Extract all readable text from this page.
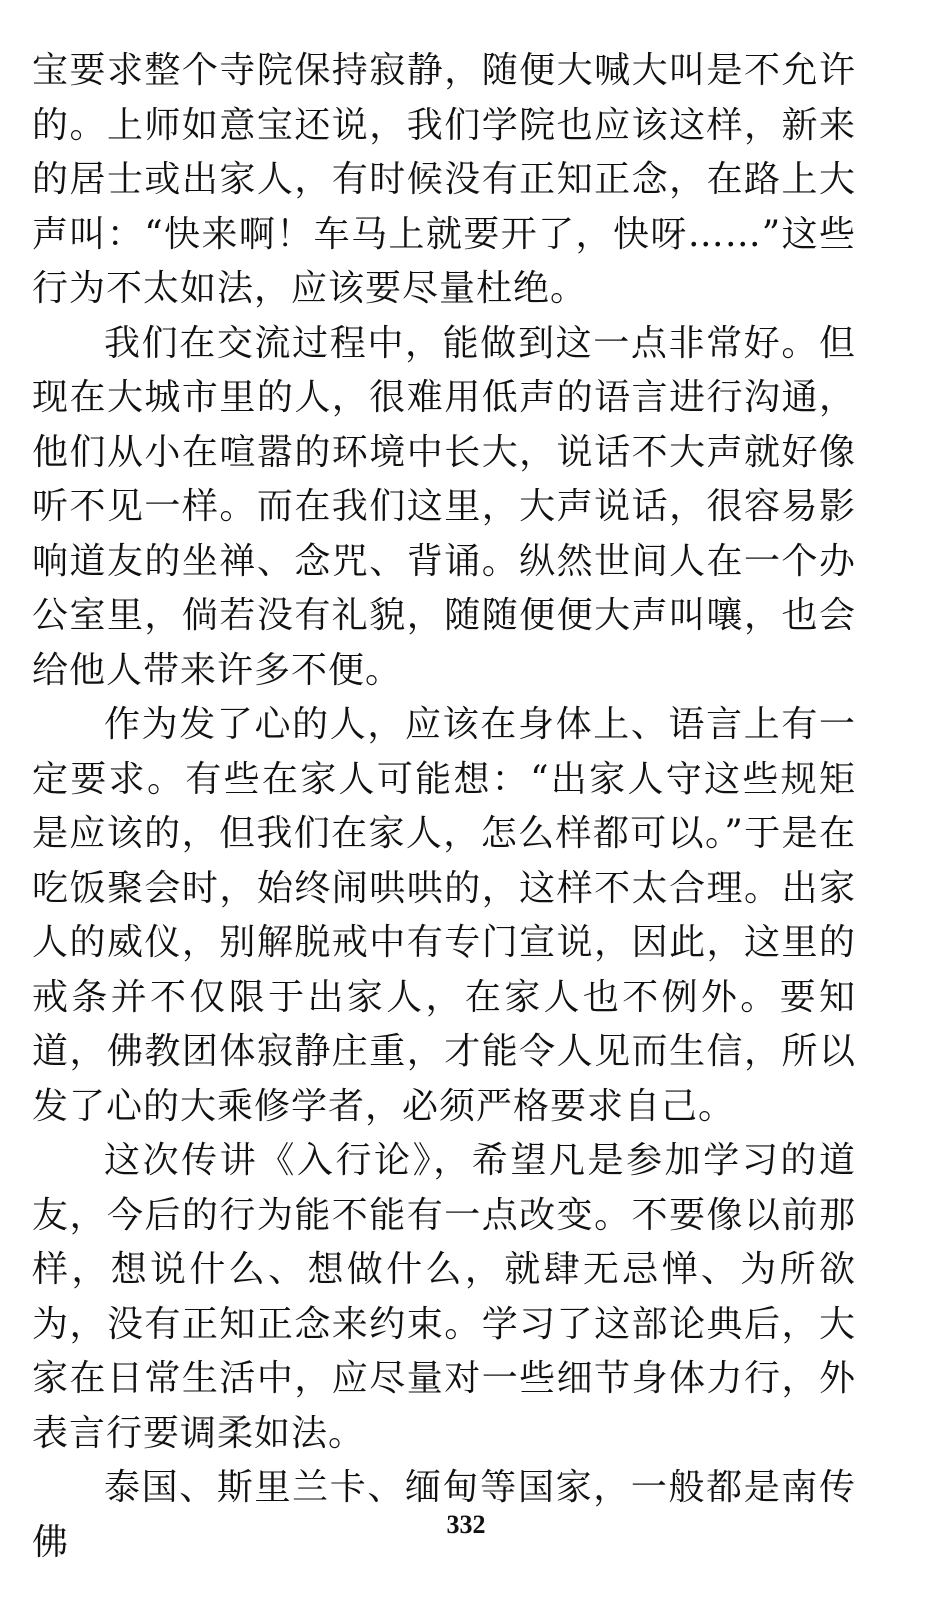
宝要求整个寺院保持寂静，随便大喊大叫是不允许的。上师如意宝还说，我们学院也应该这样，新来的居士或出家人，有时候没有正知正念，在路上大声叫：“快来啊！车马上就要开了，快呀……”这些行为不太如法，应该要尽量杜绝。

我们在交流过程中，能做到这一点非常好。但现在大城市里的人，很难用低声的语言进行沟通，他们从小在喧嚣的环境中长大，说话不大声就好像听不见一样。而在我们这里，大声说话，很容易影响道友的坐禅、念咒、背诵。纵然世间人在一个办公室里，倘若没有礼貌，随随便便大声叫嚷，也会给他人带来许多不便。

作为发了心的人，应该在身体上、语言上有一定要求。有些在家人可能想：“出家人守这些规矩是应该的，但我们在家人，怎么样都可以。”于是在吃饭聚会时，始终闹哄哄的，这样不太合理。出家人的威仪，别解脱戒中有专门宣说，因此，这里的戒条并不仅限于出家人，在家人也不例外。要知道，佛教团体寂静庄重，才能令人见而生信，所以发了心的大乘修学者，必须严格要求自己。

这次传讲《入行论》，希望凡是参加学习的道友，今后的行为能不能有一点改变。不要像以前那样，想说什么、想做什么，就肆无忌惮、为所欲为，没有正知正念来约束。学习了这部论典后，大家在日常生活中，应尽量对一些细节身体力行，外表言行要调柔如法。

泰国、斯里兰卡、缅甸等国家，一般都是南传佛	332
